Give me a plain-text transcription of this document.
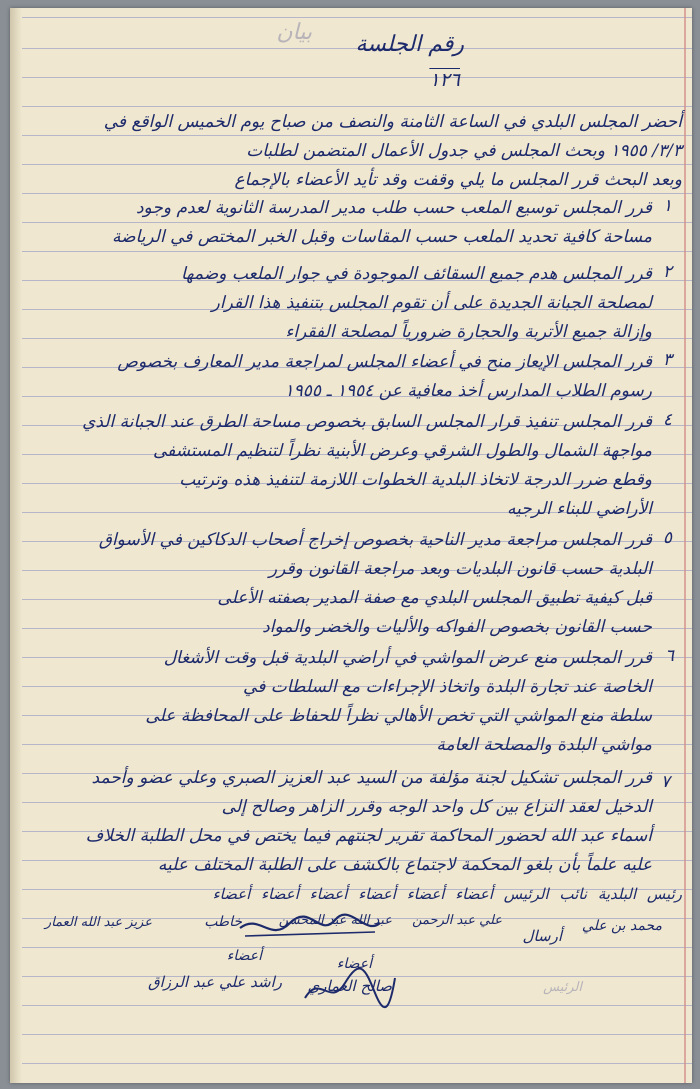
بيان رقم الجلسة
١٢٦
أحضر المجلس البلدي في الساعة الثامنة والنصف من صباح يوم الخميس الواقع في
٣/٣/ ١٩٥٥ وبحث المجلس في جدول الأعمال المتضمن لطلبات
وبعد البحث قرر المجلس ما يلي وقفت وقد تأيد الأعضاء بالإجماع
١
قرر المجلس توسيع الملعب حسب طلب مدير المدرسة الثانوية لعدم وجود
مساحة كافية تحديد الملعب حسب المقاسات وقبل الخبر المختص في الرياضة
٢
قرر المجلس هدم جميع السقائف الموجودة في جوار الملعب وضمها
لمصلحة الجبانة الجديدة على أن تقوم المجلس بتنفيذ هذا القرار
وإزالة جميع الأتربة والحجارة ضرورياً لمصلحة الفقراء
٣
قرر المجلس الإيعاز منح في أعضاء المجلس لمراجعة مدير المعارف بخصوص
رسوم الطلاب المدارس أخذ معافية عن ١٩٥٤ ـ ١٩٥٥
٤
قرر المجلس تنفيذ قرار المجلس السابق بخصوص مساحة الطرق عند الجبانة الذي
مواجهة الشمال والطول الشرقي وعرض الأبنية نظراً لتنظيم المستشفى
وقطع ضرر الدرجة لاتخاذ البلدية الخطوات اللازمة لتنفيذ هذه وترتيب
الأراضي للبناء الرجيه
٥
قرر المجلس مراجعة مدير الناحية بخصوص إخراج أصحاب الدكاكين في الأسواق
البلدية حسب قانون البلديات وبعد مراجعة القانون وقرر
قبل كيفية تطبيق المجلس البلدي مع صفة المدير بصفته الأعلى
حسب القانون بخصوص الفواكه والأليات والخضر والمواد
٦
قرر المجلس منع عرض المواشي في أراضي البلدية قبل وقت الأشغال
الخاصة عند تجارة البلدة واتخاذ الإجراءات مع السلطات في
سلطة منع المواشي التي تخص الأهالي نظراً للحفاظ على المحافظة على
مواشي البلدة والمصلحة العامة
٧
قرر المجلس تشكيل لجنة مؤلفة من السيد عبد العزيز الصبري وعلي عضو وأحمد
الدخيل لعقد النزاع بين كل واحد الوجه وقرر الزاهر وصالح إلى
أسماء عبد الله لحضور المحاكمة تقرير لجنتهم فيما يختص في محل الطلبة الخلاف
عليه علماً بأن بلغو المحكمة لاجتماع بالكشف على الطلبة المختلف عليه
رئيس البلدية نائب الرئيس أعضاء أعضاء أعضاء أعضاء أعضاء أعضاء
محمد بن علي
أرسال
علي عبد الرحمن
عبد الله عبد المحسن
خاطب
عزيز عبد الله العمار
أعضاء
راشد علي عبد الرزاق
أعضاء
صالح العماري	الرئيس
